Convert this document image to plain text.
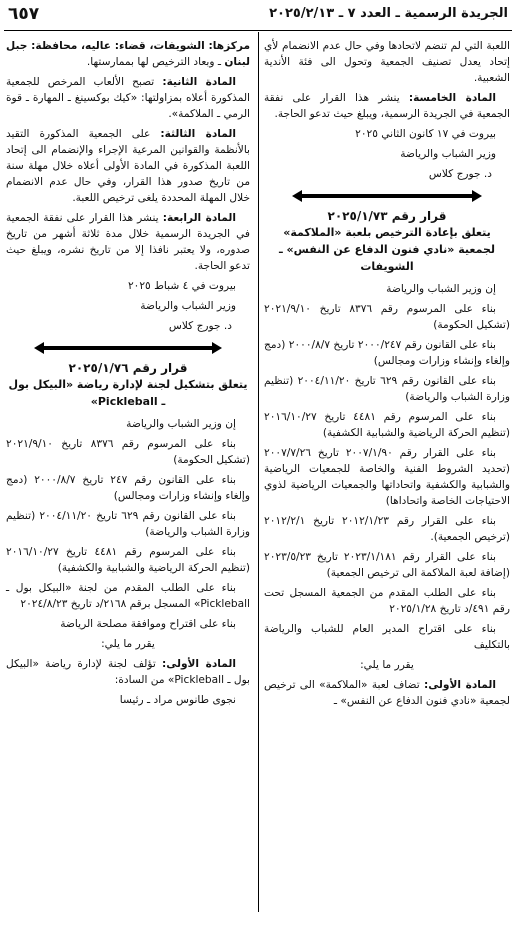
الجريدة الرسمية ـ العدد ٧ ـ ٢٠٢٥/٢/١٣
٦٥٧

اللعبة التي لم تنضم لاتحادها وفي حال عدم الانضمام لأي إتحاد يعدل تصنيف الجمعية وتحول الى فئة الأندية الشعبية.

المادة الخامسة: ينشر هذا القرار على نفقة الجمعية في الجريدة الرسمية، ويبلغ حيث تدعو الحاجة.

بيروت في ١٧ كانون الثاني ٢٠٢٥

وزير الشباب والرياضة

د. جورج كلاس

قرار رقم ٢٠٢٥/١/٧٣
يتعلق بإعادة الترخيص بلعبة «الملاكمة» لجمعية «نادي فنون الدفاع عن النفس» ـ الشويفات

إن وزير الشباب والرياضة

بناء على المرسوم رقم ٨٣٧٦ تاريخ ٢٠٢١/٩/١٠ (تشكيل الحكومة)

بناء على القانون رقم ٢٠٠٠/٢٤٧ تاريخ ٢٠٠٠/٨/٧ (دمج وإلغاء وإنشاء وزارات ومجالس)

بناء على القانون رقم ٦٢٩ تاريخ ٢٠٠٤/١١/٢٠ (تنظيم وزارة الشباب والرياضة)

بناء على المرسوم رقم ٤٤٨١ تاريخ ٢٠١٦/١٠/٢٧ (تنظيم الحركة الرياضية والشبابية الكشفية)

بناء على القرار رقم ٢٠٠٧/١/٩٠ تاريخ ٢٠٠٧/٧/٢٦ (تحديد الشروط الفنية والخاصة للجمعيات الرياضية والشبابية والكشفية واتحاداتها والجمعيات الرياضية لذوي الاحتياجات الخاصة واتحاداها)

بناء على القرار رقم ٢٠١٢/١/٢٣ تاريخ ٢٠١٢/٢/١ (ترخيص الجمعية).

بناء على القرار رقم ٢٠٢٣/١/١٨١ تاريخ ٢٠٢٣/٥/٢٣ (إضافة لعبة الملاكمة الى ترخيص الجمعية)

بناء على الطلب المقدم من الجمعية المسجل تحت رقم ٤٩١/د تاريخ ٢٠٢٥/١/٢٨

بناء على اقتراح المدير العام للشباب والرياضة بالتكليف

يقرر ما يلي:

المادة الأولى: تضاف لعبة «الملاكمة» الى ترخيص لجمعية «نادي فنون الدفاع عن النفس» ـ

مركزها: الشويفات، قضاء: عاليه، محافظة: جبل لبنان ـ وبعاد الترخيص لها بممارستها.

المادة الثانية: تصبح الألعاب المرخص للجمعية المذكورة أعلاه بمزاولتها: «كيك بوكسينغ ـ المهارة ـ قوة الرمي ـ الملاكمة».

المادة الثالثة: على الجمعية المذكورة التقيد بالأنظمة والقوانين المرعية الإجراء والإنضمام الى إتحاد اللعبة المذكورة في المادة الأولى أعلاه خلال مهلة سنة من تاريخ صدور هذا القرار، وفي حال عدم الانضمام خلال المهلة المحددة يلغى ترخيص اللعبة.

المادة الرابعة: ينشر هذا القرار على نفقة الجمعية في الجريدة الرسمية خلال مدة ثلاثة أشهر من تاريخ صدوره، ولا يعتبر نافذا إلا من تاريخ نشره، ويبلغ حيث تدعو الحاجة.

بيروت في ٤ شباط ٢٠٢٥

وزير الشباب والرياضة

د. جورج كلاس

قرار رقم ٢٠٢٥/١/٧٦
يتعلق بتشكيل لجنة لإدارة رياضة «البيكل بول ـ Pickleball»

إن وزير الشباب والرياضة

بناء على المرسوم رقم ٨٣٧٦ تاريخ ٢٠٢١/٩/١٠ (تشكيل الحكومة)

بناء على القانون رقم ٢٤٧ تاريخ ٢٠٠٠/٨/٧ (دمج وإلغاء وإنشاء وزارات ومجالس)

بناء على القانون رقم ٦٢٩ تاريخ ٢٠٠٤/١١/٢٠ (تنظيم وزارة الشباب والرياضة)

بناء على المرسوم رقم ٤٤٨١ تاريخ ٢٠١٦/١٠/٢٧ (تنظيم الحركة الرياضية والشبابية والكشفية)

بناء على الطلب المقدم من لجنة «البيكل بول ـ Pickleball» المسجل برقم ٢١٦٨/د تاريخ ٢٠٢٤/٨/٢٣

بناء على اقتراح وموافقة مصلحة الرياضة

يقرر ما يلي:

المادة الأولى: تؤلف لجنة لإدارة رياضة «البيكل بول ـ Pickleball» من السادة:

نجوى طانوس مراد ـ رئيسا
